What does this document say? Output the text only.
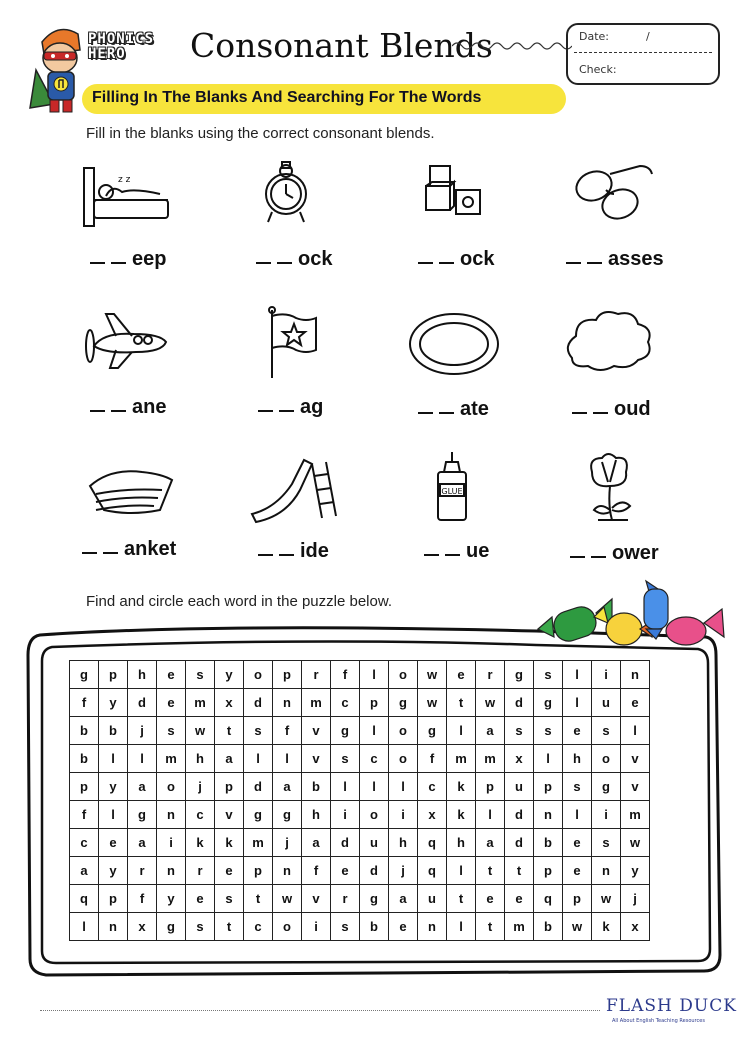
PHONICS
HERO	Consonant Blends	Date:	/
Check:
Filling In The Blanks And Searching For The Words
Fill in the blanks using the correct consonant blends.
z z
eep	ock	ock	asses
ane	ag	ate	oud
anket	ide
GLUE
ue	ower
Find and circle each word in the puzzle below.
g	p	h	e	s	y	o	p	r	f	l	o	w	e	r	g	s	l	i	n
f	y	d	e	m	x	d	n	m	c	p	g	w	t	w	d	g	l	u	e
b	b	j	s	w	t	s	f	v	g	l	o	g	l	a	s	s	e	s	l
b	l	l	m	h	a	l	l	v	s	c	o	f	m	m	x	l	h	o	v
p	y	a	o	j	p	d	a	b	l	l	l	c	k	p	u	p	s	g	v
f	l	g	n	c	v	g	g	h	i	o	i	x	k	l	d	n	l	i	m
c	e	a	i	k	k	m	j	a	d	u	h	q	h	a	d	b	e	s	w
a	y	r	n	r	e	p	n	f	e	d	j	q	l	t	t	p	e	n	y
q	p	f	y	e	s	t	w	v	r	g	a	u	t	e	e	q	p	w	j
l	n	x	g	s	t	c	o	i	s	b	e	n	l	t	m	b	w	k	x
FLASH DUCK
All About English Teaching Resources
